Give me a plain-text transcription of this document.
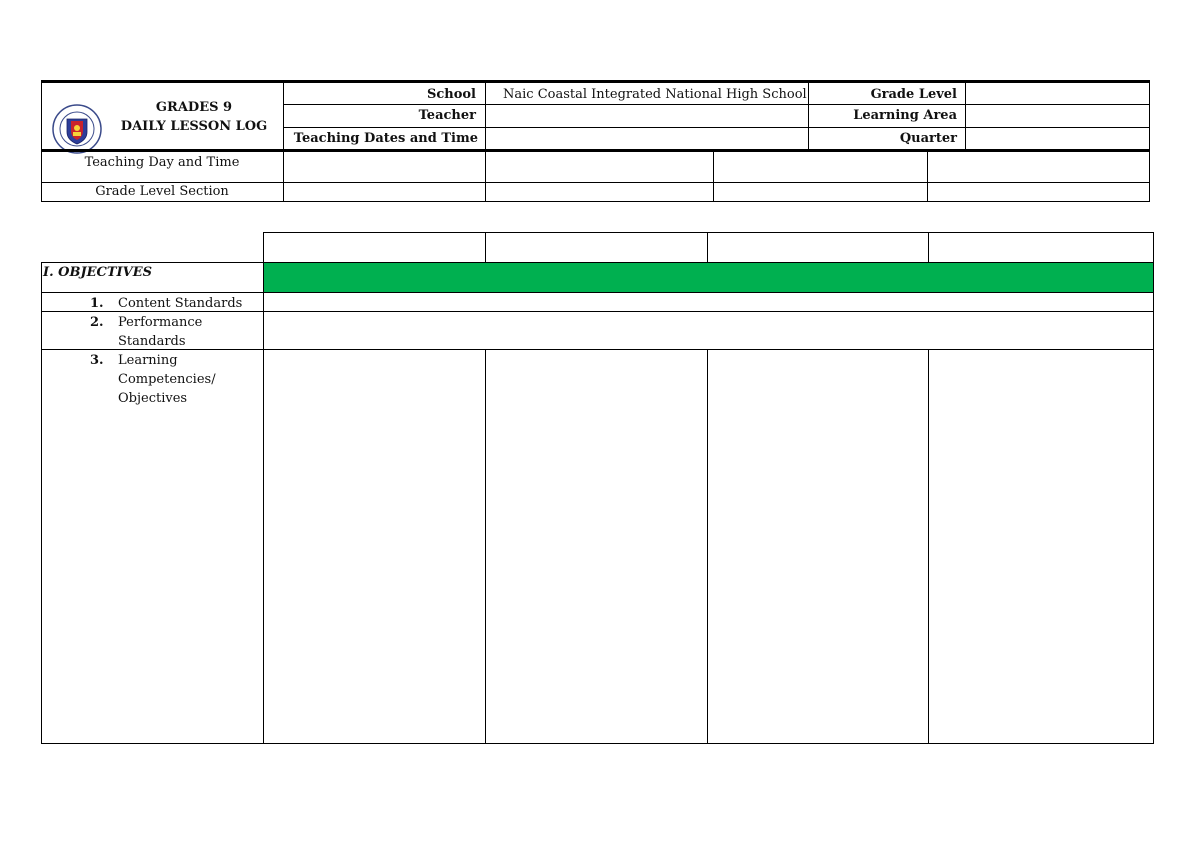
GRADES 9
DAILY LESSON LOG
School Naic Coastal Integrated National High School
Teacher
Teaching Dates and Time
Grade Level
Learning Area
Quarter
Teaching Day and Time
Grade Level Section
I. OBJECTIVES
1. Content Standards
2. Performance
Standards
3. Learning
Competencies/
Objectives
